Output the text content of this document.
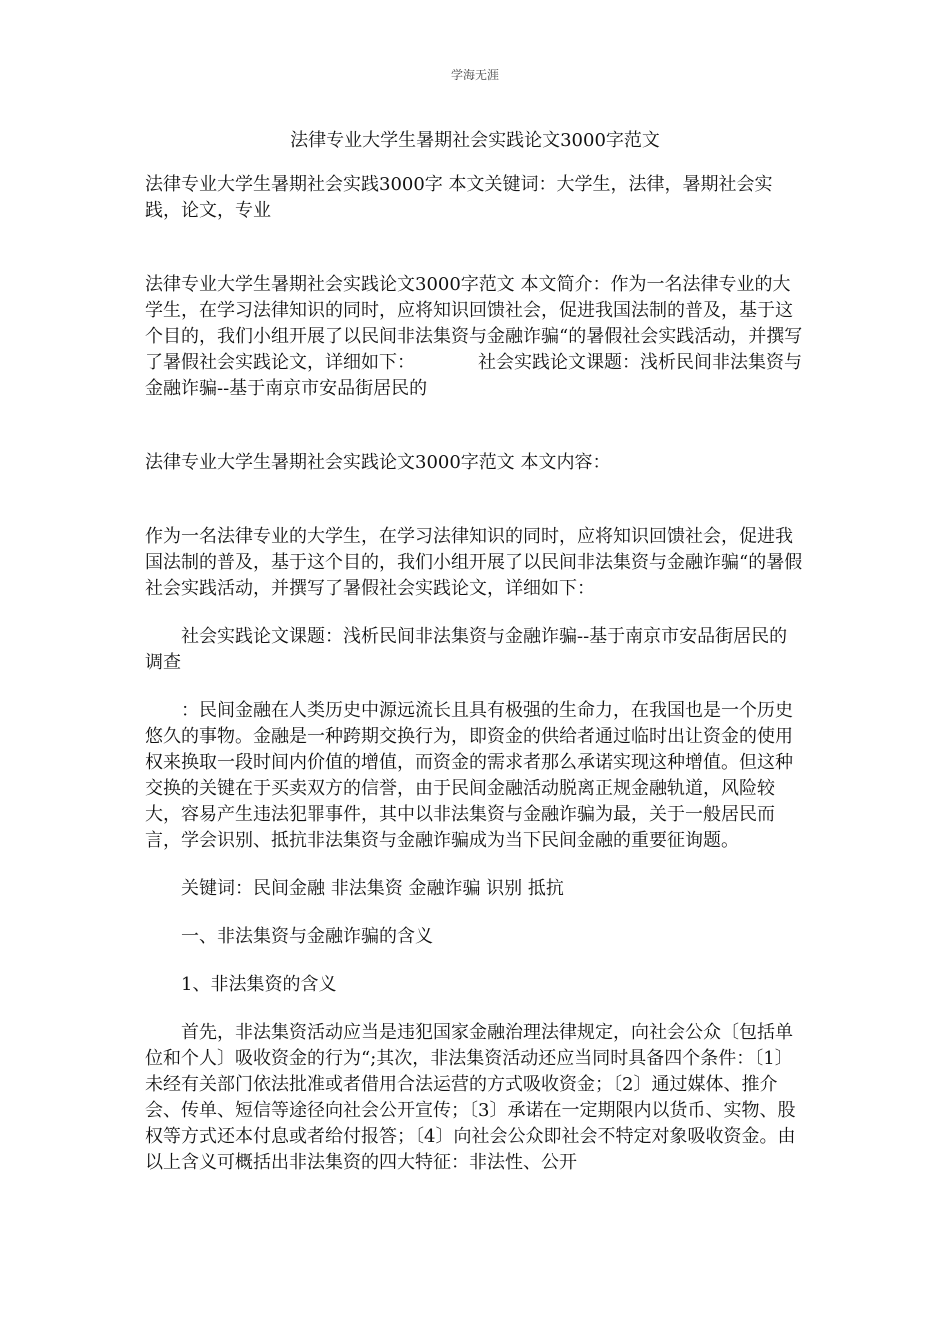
学海无涯
法律专业大学生暑期社会实践论文3000字范文

法律专业大学生暑期社会实践3000字 本文关键词：大学生，法律，暑期社会实践，论文，专业

法律专业大学生暑期社会实践论文3000字范文 本文简介：作为一名法律专业的大学生，在学习法律知识的同时，应将知识回馈社会，促进我国法制的普及，基于这个目的，我们小组开展了以民间非法集资与金融诈骗“的暑假社会实践活动，并撰写了暑假社会实践论文，详细如下：　　　　社会实践论文课题：浅析民间非法集资与金融诈骗--基于南京市安品街居民的

法律专业大学生暑期社会实践论文3000字范文 本文内容：

作为一名法律专业的大学生，在学习法律知识的同时，应将知识回馈社会，促进我国法制的普及，基于这个目的，我们小组开展了以民间非法集资与金融诈骗“的暑假社会实践活动，并撰写了暑假社会实践论文，详细如下：

社会实践论文课题：浅析民间非法集资与金融诈骗--基于南京市安品街居民的调查

：民间金融在人类历史中源远流长且具有极强的生命力，在我国也是一个历史悠久的事物。金融是一种跨期交换行为，即资金的供给者通过临时出让资金的使用权来换取一段时间内价值的增值，而资金的需求者那么承诺实现这种增值。但这种交换的关键在于买卖双方的信誉，由于民间金融活动脱离正规金融轨道，风险较大，容易产生违法犯罪事件，其中以非法集资与金融诈骗为最，关于一般居民而言，学会识别、抵抗非法集资与金融诈骗成为当下民间金融的重要征询题。

关键词：民间金融 非法集资 金融诈骗 识别 抵抗

一、非法集资与金融诈骗的含义

1、非法集资的含义

首先，非法集资活动应当是违犯国家金融治理法律规定，向社会公众〔包括单位和个人〕吸收资金的行为“;其次，非法集资活动还应当同时具备四个条件：〔1〕未经有关部门依法批准或者借用合法运营的方式吸收资金；〔2〕通过媒体、推介会、传单、短信等途径向社会公开宣传；〔3〕承诺在一定期限内以货币、实物、股权等方式还本付息或者给付报答；〔4〕向社会公众即社会不特定对象吸收资金。由以上含义可概括出非法集资的四大特征：非法性、公开
